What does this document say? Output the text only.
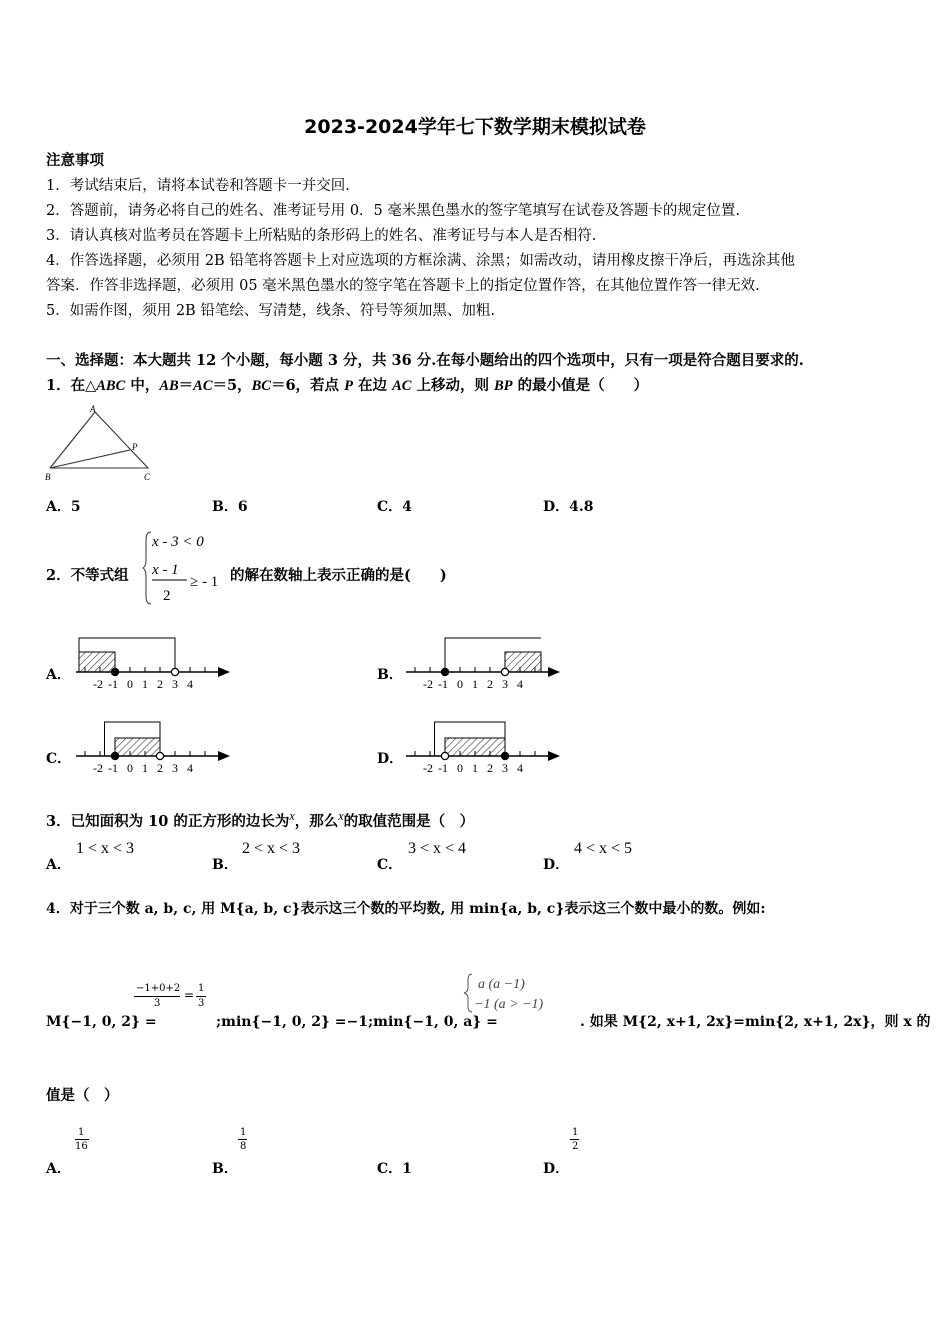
2023-2024学年七下数学期末模拟试卷
注意事项
1．考试结束后，请将本试卷和答题卡一并交回.
2．答题前，请务必将自己的姓名、准考证号用 0．5 毫米黑色墨水的签字笔填写在试卷及答题卡的规定位置.
3．请认真核对监考员在答题卡上所粘贴的条形码上的姓名、准考证号与本人是否相符.
4．作答选择题，必须用 2B 铅笔将答题卡上对应选项的方框涂满、涂黑；如需改动，请用橡皮擦干净后，再选涂其他
答案．作答非选择题，必须用 05 毫米黑色墨水的签字笔在答题卡上的指定位置作答，在其他位置作答一律无效.
5．如需作图，须用 2B 铅笔绘、写清楚，线条、符号等须加黑、加粗.
一、选择题：本大题共 12 个小题，每小题 3 分，共 36 分.在每小题给出的四个选项中，只有一项是符合题目要求的.
1．在△ABC 中，AB＝AC＝5，BC＝6，若点 P 在边 AC 上移动，则 BP 的最小值是（　　）
A
B	C
P
A．5	B．6	C．4	D．4.8
2．不等式组
x - 3 < 0
x - 1
2
≥ - 1 的解在数轴上表示正确的是(　　)
A．	B．
C．	D．
-2 -1 0 1 2 3 4	-2 -1 0 1 2 3 4
-2 -1 0 1 2 3 4	-2 -1 0 1 2 3 4
3．已知面积为 10 的正方形的边长为$^x$，那么$^x$的取值范围是（　）
A．
1 < x < 3
B．
2 < x < 3
C．
3 < x < 4
D．
4 < x < 5
4．对于三个数 a, b, c, 用 M{a, b, c}表示这三个数的平均数, 用 min{a, b, c}表示这三个数中最小的数。例如:
M{−1, 0, 2} =
−1+0+2
3
= 1
3
;min{−1, 0, 2} =−1;min{−1, 0, a} =
a (a −1)
−1 (a > −1)
. 如果 M{2, x+1, 2x}=min{2, x+1, 2x}，则 x 的
值是（　）
A．
1
16
B．
1
8
C．1	D．
1
2
